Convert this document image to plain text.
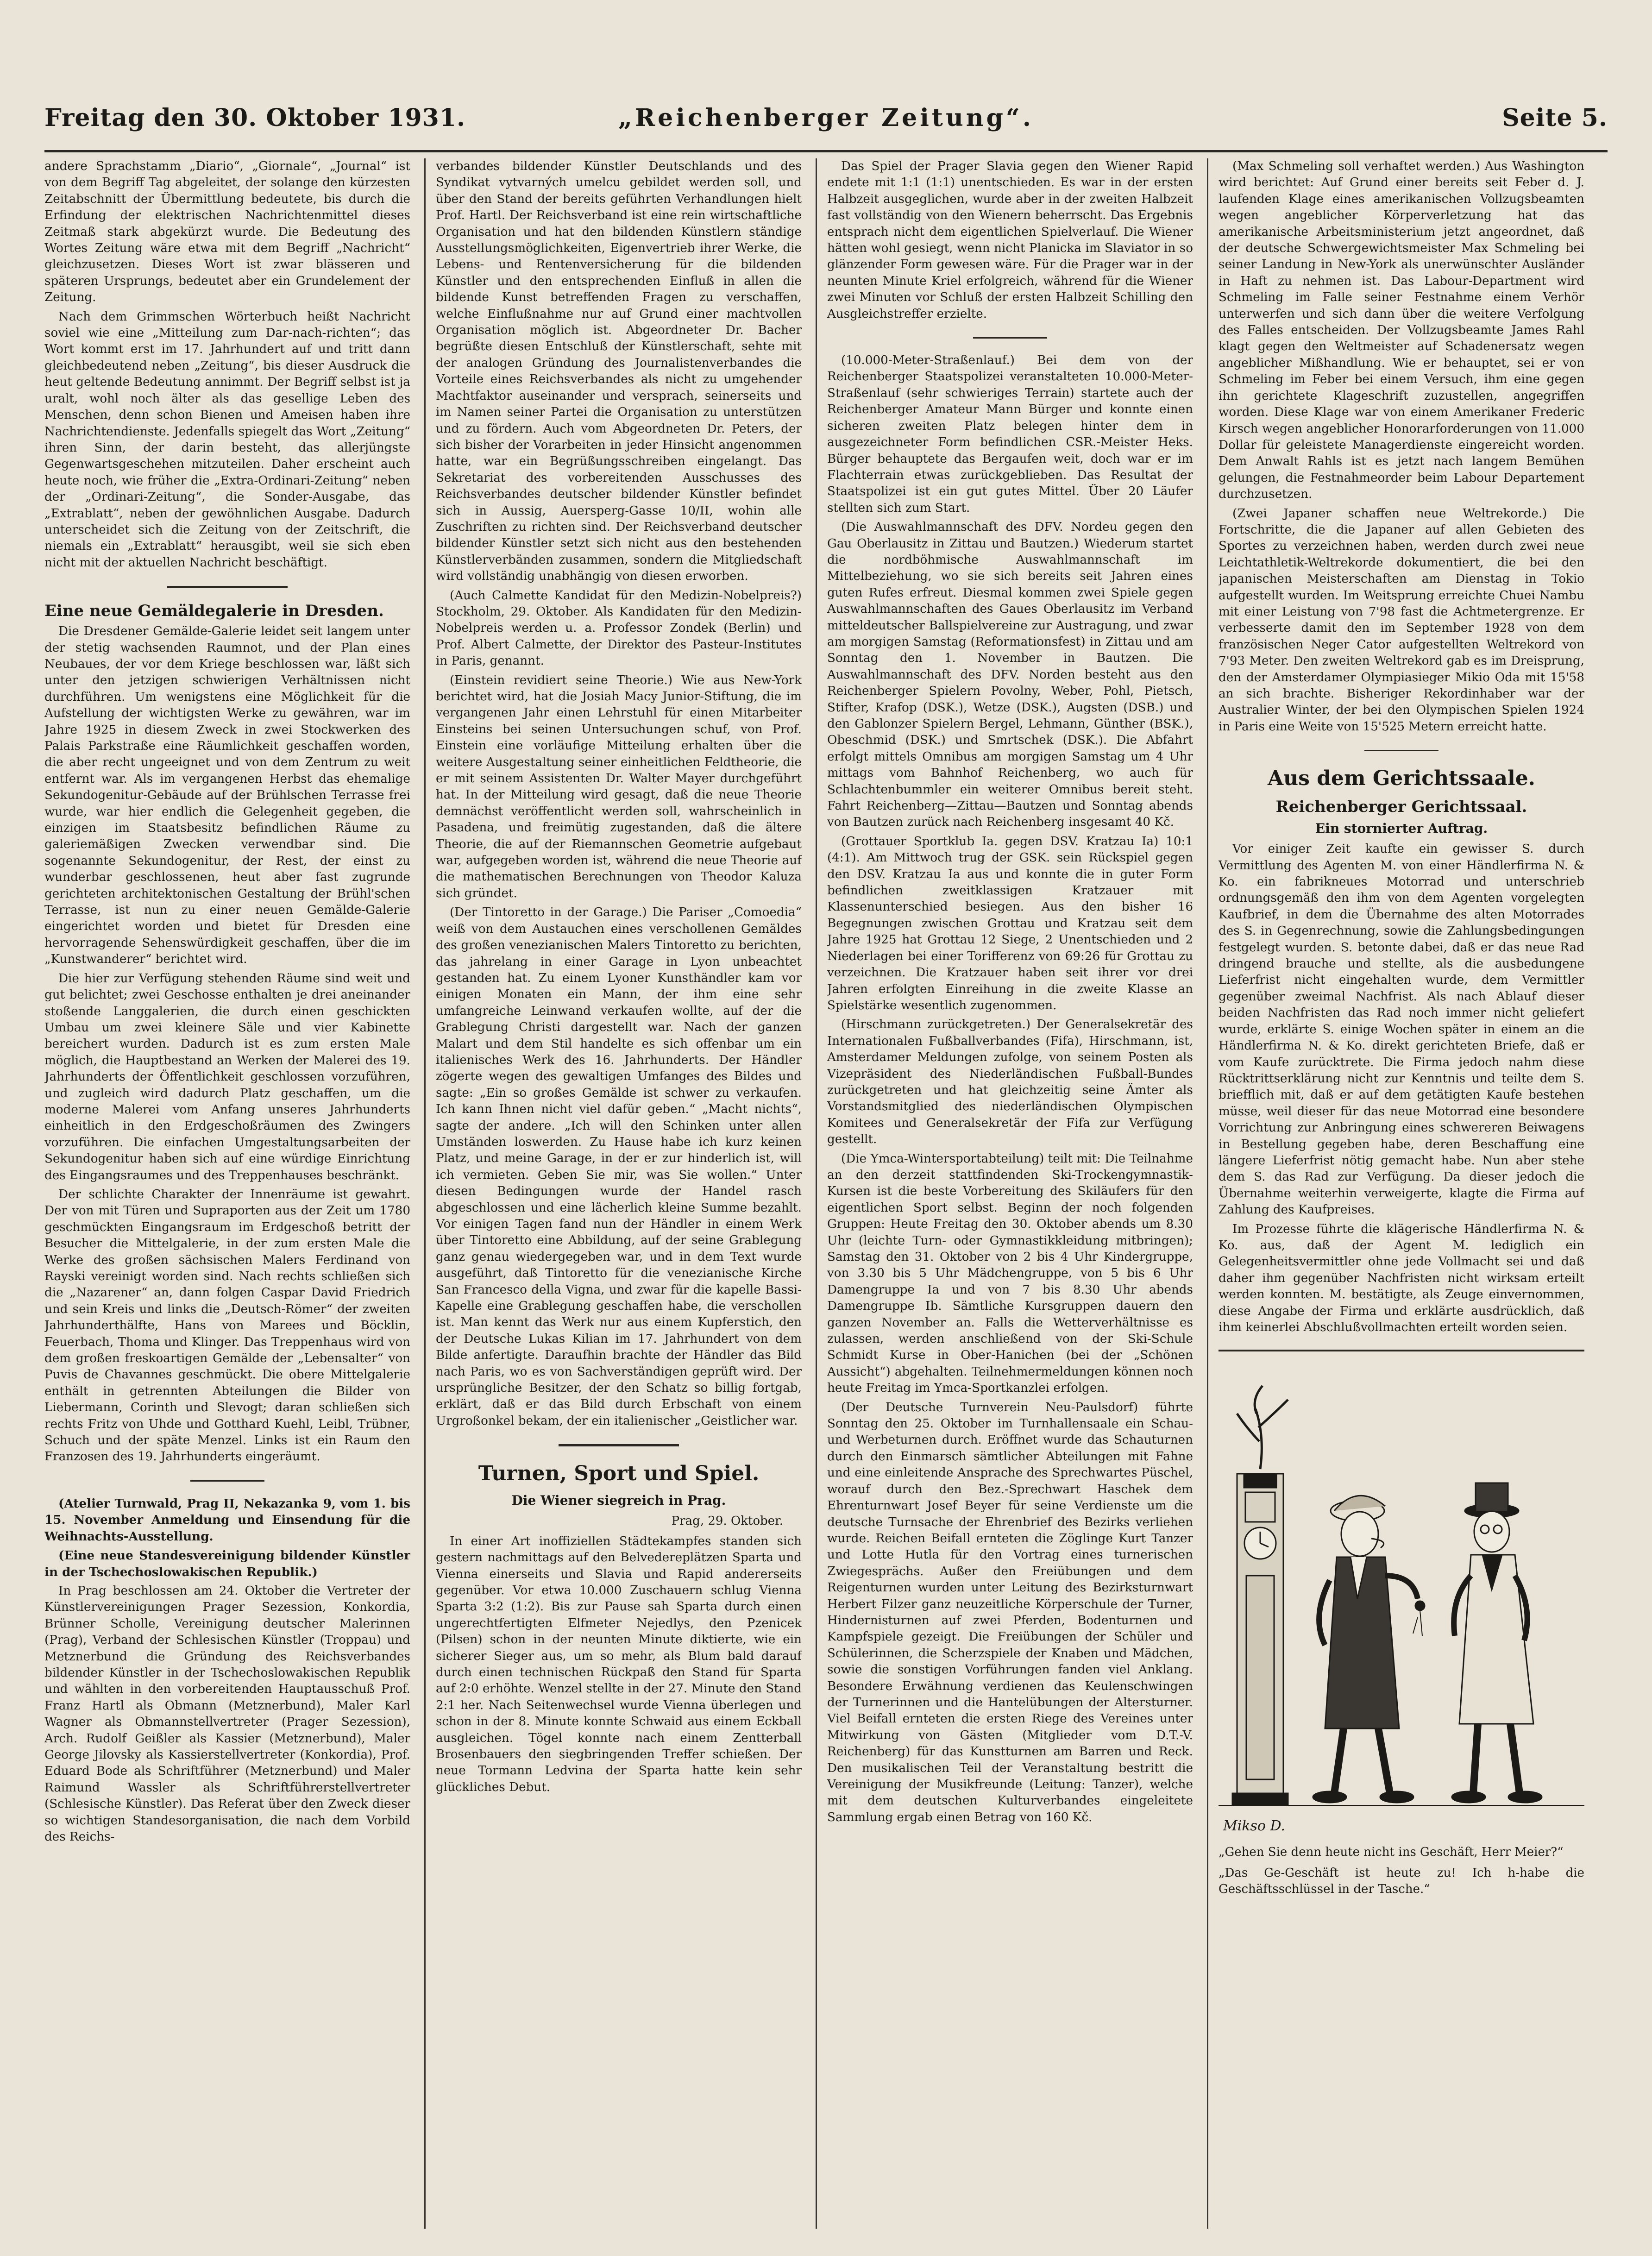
„Reichenberger Zeitung“.
Freitag den 30. Oktober 1931.	Seite 5.

andere Sprachstamm „Diario“, „Giornale“, „Journal“ ist von dem Begriff Tag abgeleitet, der solange den kürzesten Zeitabschnitt der Übermittlung bedeutete, bis durch die Erfindung der elektrischen Nachrichtenmittel dieses Zeitmaß stark abgekürzt wurde. Die Bedeutung des Wortes Zeitung wäre etwa mit dem Begriff „Nachricht“ gleichzusetzen. Dieses Wort ist zwar blässeren und späteren Ursprungs, bedeutet aber ein Grundelement der Zeitung.

Nach dem Grimmschen Wörterbuch heißt Nachricht soviel wie eine „Mitteilung zum Dar-nach-richten“; das Wort kommt erst im 17. Jahrhundert auf und tritt dann gleichbedeutend neben „Zeitung“, bis dieser Ausdruck die heut geltende Bedeutung annimmt. Der Begriff selbst ist ja uralt, wohl noch älter als das gesellige Leben des Menschen, denn schon Bienen und Ameisen haben ihre Nachrichtendienste. Jedenfalls spiegelt das Wort „Zeitung“ ihren Sinn, der darin besteht, das allerjüngste Gegenwartsgeschehen mitzuteilen. Daher erscheint auch heute noch, wie früher die „Extra-Ordinari-Zeitung“ neben der „Ordinari-Zeitung“, die Sonder-Ausgabe, das „Extrablatt“, neben der gewöhnlichen Ausgabe. Dadurch unterscheidet sich die Zeitung von der Zeitschrift, die niemals ein „Extrablatt“ herausgibt, weil sie sich eben nicht mit der aktuellen Nachricht beschäftigt.

Eine neue Gemäldegalerie in Dresden.

Die Dresdener Gemälde-Galerie leidet seit langem unter der stetig wachsenden Raumnot, und der Plan eines Neubaues, der vor dem Kriege beschlossen war, läßt sich unter den jetzigen schwierigen Verhältnissen nicht durchführen. Um wenigstens eine Möglichkeit für die Aufstellung der wichtigsten Werke zu gewähren, war im Jahre 1925 in diesem Zweck in zwei Stockwerken des Palais Parkstraße eine Räumlichkeit geschaffen worden, die aber recht ungeeignet und von dem Zentrum zu weit entfernt war. Als im vergangenen Herbst das ehemalige Sekundogenitur-Gebäude auf der Brühlschen Terrasse frei wurde, war hier endlich die Gelegenheit gegeben, die einzigen im Staatsbesitz befindlichen Räume zu galeriemäßigen Zwecken verwendbar sind. Die sogenannte Sekundogenitur, der Rest, der einst zu wunderbar geschlossenen, heut aber fast zugrunde gerichteten architektonischen Gestaltung der Brühl'schen Terrasse, ist nun zu einer neuen Gemälde-Galerie eingerichtet worden und bietet für Dresden eine hervorragende Sehenswürdigkeit geschaffen, über die im „Kunstwanderer“ berichtet wird.

Die hier zur Verfügung stehenden Räume sind weit und gut belichtet; zwei Geschosse enthalten je drei aneinander stoßende Langgalerien, die durch einen geschickten Umbau um zwei kleinere Säle und vier Kabinette bereichert wurden. Dadurch ist es zum ersten Male möglich, die Hauptbestand an Werken der Malerei des 19. Jahrhunderts der Öffentlichkeit geschlossen vorzuführen, und zugleich wird dadurch Platz geschaffen, um die moderne Malerei vom Anfang unseres Jahrhunderts einheitlich in den Erdgeschoßräumen des Zwingers vorzuführen. Die einfachen Umgestaltungsarbeiten der Sekundogenitur haben sich auf eine würdige Einrichtung des Eingangsraumes und des Treppenhauses beschränkt.

Der schlichte Charakter der Innenräume ist gewahrt. Der von mit Türen und Supraporten aus der Zeit um 1780 geschmückten Eingangsraum im Erdgeschoß betritt der Besucher die Mittelgalerie, in der zum ersten Male die Werke des großen sächsischen Malers Ferdinand von Rayski vereinigt worden sind. Nach rechts schließen sich die „Nazarener“ an, dann folgen Caspar David Friedrich und sein Kreis und links die „Deutsch-Römer“ der zweiten Jahrhunderthälfte, Hans von Marees und Böcklin, Feuerbach, Thoma und Klinger. Das Treppenhaus wird von dem großen freskoartigen Gemälde der „Lebensalter“ von Puvis de Chavannes geschmückt. Die obere Mittelgalerie enthält in getrennten Abteilungen die Bilder von Liebermann, Corinth und Slevogt; daran schließen sich rechts Fritz von Uhde und Gotthard Kuehl, Leibl, Trübner, Schuch und der späte Menzel. Links ist ein Raum den Franzosen des 19. Jahrhunderts eingeräumt.

(Atelier Turnwald, Prag II, Nekazanka 9, vom 1. bis 15. November Anmeldung und Einsendung für die Weihnachts-Ausstellung.

(Eine neue Standesvereinigung bildender Künstler in der Tschechoslowakischen Republik.)

In Prag beschlossen am 24. Oktober die Vertreter der Künstlervereinigungen Prager Sezession, Konkordia, Brünner Scholle, Vereinigung deutscher Malerinnen (Prag), Verband der Schlesischen Künstler (Troppau) und Metznerbund die Gründung des Reichsverbandes bildender Künstler in der Tschechoslowakischen Republik und wählten in den vorbereitenden Hauptausschuß Prof. Franz Hartl als Obmann (Metznerbund), Maler Karl Wagner als Obmannstellvertreter (Prager Sezession), Arch. Rudolf Geißler als Kassier (Metznerbund), Maler George Jilovsky als Kassierstellvertreter (Konkordia), Prof. Eduard Bode als Schriftführer (Metznerbund) und Maler Raimund Wassler als Schriftführerstellvertreter (Schlesische Künstler). Das Referat über den Zweck dieser so wichtigen Standesorganisation, die nach dem Vorbild des Reichs-

verbandes bildender Künstler Deutschlands und des Syndikat vytvarných umelcu gebildet werden soll, und über den Stand der bereits geführten Verhandlungen hielt Prof. Hartl. Der Reichsverband ist eine rein wirtschaftliche Organisation und hat den bildenden Künstlern ständige Ausstellungsmöglichkeiten, Eigenvertrieb ihrer Werke, die Lebens- und Rentenversicherung für die bildenden Künstler und den entsprechenden Einfluß in allen die bildende Kunst betreffenden Fragen zu verschaffen, welche Einflußnahme nur auf Grund einer machtvollen Organisation möglich ist. Abgeordneter Dr. Bacher begrüßte diesen Entschluß der Künstlerschaft, sehte mit der analogen Gründung des Journalistenverbandes die Vorteile eines Reichsverbandes als nicht zu umgehender Machtfaktor auseinander und versprach, seinerseits und im Namen seiner Partei die Organisation zu unterstützen und zu fördern. Auch vom Abgeordneten Dr. Peters, der sich bisher der Vorarbeiten in jeder Hinsicht angenommen hatte, war ein Begrüßungsschreiben eingelangt. Das Sekretariat des vorbereitenden Ausschusses des Reichsverbandes deutscher bildender Künstler befindet sich in Aussig, Auersperg-Gasse 10/II, wohin alle Zuschriften zu richten sind. Der Reichsverband deutscher bildender Künstler setzt sich nicht aus den bestehenden Künstlerverbänden zusammen, sondern die Mitgliedschaft wird vollständig unabhängig von diesen erworben.

(Auch Calmette Kandidat für den Medizin-Nobelpreis?) Stockholm, 29. Oktober. Als Kandidaten für den Medizin-Nobelpreis werden u. a. Professor Zondek (Berlin) und Prof. Albert Calmette, der Direktor des Pasteur-Institutes in Paris, genannt.

(Einstein revidiert seine Theorie.) Wie aus New-York berichtet wird, hat die Josiah Macy Junior-Stiftung, die im vergangenen Jahr einen Lehrstuhl für einen Mitarbeiter Einsteins bei seinen Untersuchungen schuf, von Prof. Einstein eine vorläufige Mitteilung erhalten über die weitere Ausgestaltung seiner einheitlichen Feldtheorie, die er mit seinem Assistenten Dr. Walter Mayer durchgeführt hat. In der Mitteilung wird gesagt, daß die neue Theorie demnächst veröffentlicht werden soll, wahrscheinlich in Pasadena, und freimütig zugestanden, daß die ältere Theorie, die auf der Riemannschen Geometrie aufgebaut war, aufgegeben worden ist, während die neue Theorie auf die mathematischen Berechnungen von Theodor Kaluza sich gründet.

(Der Tintoretto in der Garage.) Die Pariser „Comoedia“ weiß von dem Austauchen eines verschollenen Gemäldes des großen venezianischen Malers Tintoretto zu berichten, das jahrelang in einer Garage in Lyon unbeachtet gestanden hat. Zu einem Lyoner Kunsthändler kam vor einigen Monaten ein Mann, der ihm eine sehr umfangreiche Leinwand verkaufen wollte, auf der die Grablegung Christi dargestellt war. Nach der ganzen Malart und dem Stil handelte es sich offenbar um ein italienisches Werk des 16. Jahrhunderts. Der Händler zögerte wegen des gewaltigen Umfanges des Bildes und sagte: „Ein so großes Gemälde ist schwer zu verkaufen. Ich kann Ihnen nicht viel dafür geben.“ „Macht nichts“, sagte der andere. „Ich will den Schinken unter allen Umständen loswerden. Zu Hause habe ich kurz keinen Platz, und meine Garage, in der er zur hinderlich ist, will ich vermieten. Geben Sie mir, was Sie wollen.“ Unter diesen Bedingungen wurde der Handel rasch abgeschlossen und eine lächerlich kleine Summe bezahlt. Vor einigen Tagen fand nun der Händler in einem Werk über Tintoretto eine Abbildung, auf der seine Grablegung ganz genau wiedergegeben war, und in dem Text wurde ausgeführt, daß Tintoretto für die venezianische Kirche San Francesco della Vigna, und zwar für die kapelle Bassi-Kapelle eine Grablegung geschaffen habe, die verschollen ist. Man kennt das Werk nur aus einem Kupferstich, den der Deutsche Lukas Kilian im 17. Jahrhundert von dem Bilde anfertigte. Daraufhin brachte der Händler das Bild nach Paris, wo es von Sachverständigen geprüft wird. Der ursprüngliche Besitzer, der den Schatz so billig fortgab, erklärt, daß er das Bild durch Erbschaft von einem Urgroßonkel bekam, der ein italienischer „Geistlicher war.

Turnen, Sport und Spiel.

Die Wiener siegreich in Prag.

Prag, 29. Oktober.

In einer Art inoffiziellen Städtekampfes standen sich gestern nachmittags auf den Belvedereplätzen Sparta und Vienna einerseits und Slavia und Rapid andererseits gegenüber. Vor etwa 10.000 Zuschauern schlug Vienna Sparta 3:2 (1:2). Bis zur Pause sah Sparta durch einen ungerechtfertigten Elfmeter Nejedlys, den Pzenicek (Pilsen) schon in der neunten Minute diktierte, wie ein sicherer Sieger aus, um so mehr, als Blum bald darauf durch einen technischen Rückpaß den Stand für Sparta auf 2:0 erhöhte. Wenzel stellte in der 27. Minute den Stand 2:1 her. Nach Seitenwechsel wurde Vienna überlegen und schon in der 8. Minute konnte Schwaid aus einem Eckball ausgleichen. Tögel konnte nach einem Zentterball Brosenbauers den siegbringenden Treffer schießen. Der neue Tormann Ledvina der Sparta hatte kein sehr glückliches Debut.

Das Spiel der Prager Slavia gegen den Wiener Rapid endete mit 1:1 (1:1) unentschieden. Es war in der ersten Halbzeit ausgeglichen, wurde aber in der zweiten Halbzeit fast vollständig von den Wienern beherrscht. Das Ergebnis entsprach nicht dem eigentlichen Spielverlauf. Die Wiener hätten wohl gesiegt, wenn nicht Planicka im Slaviator in so glänzender Form gewesen wäre. Für die Prager war in der neunten Minute Kriel erfolgreich, während für die Wiener zwei Minuten vor Schluß der ersten Halbzeit Schilling den Ausgleichstreffer erzielte.

(10.000-Meter-Straßenlauf.) Bei dem von der Reichenberger Staatspolizei veranstalteten 10.000-Meter-Straßenlauf (sehr schwieriges Terrain) startete auch der Reichenberger Amateur Mann Bürger und konnte einen sicheren zweiten Platz belegen hinter dem in ausgezeichneter Form befindlichen CSR.-Meister Heks. Bürger behauptete das Bergaufen weit, doch war er im Flachterrain etwas zurückgeblieben. Das Resultat der Staatspolizei ist ein gut gutes Mittel. Über 20 Läufer stellten sich zum Start.

(Die Auswahlmannschaft des DFV. Nordeu gegen den Gau Oberlausitz in Zittau und Bautzen.) Wiederum startet die nordböhmische Auswahlmannschaft im Mittelbeziehung, wo sie sich bereits seit Jahren eines guten Rufes erfreut. Diesmal kommen zwei Spiele gegen Auswahlmannschaften des Gaues Oberlausitz im Verband mitteldeutscher Ballspielvereine zur Austragung, und zwar am morgigen Samstag (Reformationsfest) in Zittau und am Sonntag den 1. November in Bautzen. Die Auswahlmannschaft des DFV. Norden besteht aus den Reichenberger Spielern Povolny, Weber, Pohl, Pietsch, Stifter, Krafop (DSK.), Wetze (DSK.), Augsten (DSB.) und den Gablonzer Spielern Bergel, Lehmann, Günther (BSK.), Obeschmid (DSK.) und Smrtschek (DSK.). Die Abfahrt erfolgt mittels Omnibus am morgigen Samstag um 4 Uhr mittags vom Bahnhof Reichenberg, wo auch für Schlachtenbummler ein weiterer Omnibus bereit steht. Fahrt Reichenberg—Zittau—Bautzen und Sonntag abends von Bautzen zurück nach Reichenberg insgesamt 40 Kč.

(Grottauer Sportklub Ia. gegen DSV. Kratzau Ia) 10:1 (4:1). Am Mittwoch trug der GSK. sein Rückspiel gegen den DSV. Kratzau Ia aus und konnte die in guter Form befindlichen zweitklassigen Kratzauer mit Klassenunterschied besiegen. Aus den bisher 16 Begegnungen zwischen Grottau und Kratzau seit dem Jahre 1925 hat Grottau 12 Siege, 2 Unentschieden und 2 Niederlagen bei einer Torifferenz von 69:26 für Grottau zu verzeichnen. Die Kratzauer haben seit ihrer vor drei Jahren erfolgten Einreihung in die zweite Klasse an Spielstärke wesentlich zugenommen.

(Hirschmann zurückgetreten.) Der Generalsekretär des Internationalen Fußballverbandes (Fifa), Hirschmann, ist, Amsterdamer Meldungen zufolge, von seinem Posten als Vizepräsident des Niederländischen Fußball-Bundes zurückgetreten und hat gleichzeitig seine Ämter als Vorstandsmitglied des niederländischen Olympischen Komitees und Generalsekretär der Fifa zur Verfügung gestellt.

(Die Ymca-Wintersportabteilung) teilt mit: Die Teilnahme an den derzeit stattfindenden Ski-Trockengymnastik-Kursen ist die beste Vorbereitung des Skiläufers für den eigentlichen Sport selbst. Beginn der noch folgenden Gruppen: Heute Freitag den 30. Oktober abends um 8.30 Uhr (leichte Turn- oder Gymnastikkleidung mitbringen); Samstag den 31. Oktober von 2 bis 4 Uhr Kindergruppe, von 3.30 bis 5 Uhr Mädchengruppe, von 5 bis 6 Uhr Damengruppe Ia und von 7 bis 8.30 Uhr abends Damengruppe Ib. Sämtliche Kursgruppen dauern den ganzen November an. Falls die Wetterverhältnisse es zulassen, werden anschließend von der Ski-Schule Schmidt Kurse in Ober-Hanichen (bei der „Schönen Aussicht“) abgehalten. Teilnehmermeldungen können noch heute Freitag im Ymca-Sportkanzlei erfolgen.

(Der Deutsche Turnverein Neu-Paulsdorf) führte Sonntag den 25. Oktober im Turnhallensaale ein Schau- und Werbeturnen durch. Eröffnet wurde das Schauturnen durch den Einmarsch sämtlicher Abteilungen mit Fahne und eine einleitende Ansprache des Sprechwartes Püschel, worauf durch den Bez.-Sprechwart Haschek dem Ehrenturnwart Josef Beyer für seine Verdienste um die deutsche Turnsache der Ehrenbrief des Bezirks verliehen wurde. Reichen Beifall ernteten die Zöglinge Kurt Tanzer und Lotte Hutla für den Vortrag eines turnerischen Zwiegesprächs. Außer den Freiübungen und dem Reigenturnen wurden unter Leitung des Bezirksturnwart Herbert Filzer ganz neuzeitliche Körperschule der Turner, Hindernisturnen auf zwei Pferden, Bodenturnen und Kampfspiele gezeigt. Die Freiübungen der Schüler und Schülerinnen, die Scherzspiele der Knaben und Mädchen, sowie die sonstigen Vorführungen fanden viel Anklang. Besondere Erwähnung verdienen das Keulenschwingen der Turnerinnen und die Hantelübungen der Altersturner. Viel Beifall ernteten die ersten Riege des Vereines unter Mitwirkung von Gästen (Mitglieder vom D.T.-V. Reichenberg) für das Kunstturnen am Barren und Reck. Den musikalischen Teil der Veranstaltung bestritt die Vereinigung der Musikfreunde (Leitung: Tanzer), welche mit dem deutschen Kulturverbandes eingeleitete Sammlung ergab einen Betrag von 160 Kč.

(Max Schmeling soll verhaftet werden.) Aus Washington wird berichtet: Auf Grund einer bereits seit Feber d. J. laufenden Klage eines amerikanischen Vollzugsbeamten wegen angeblicher Körperverletzung hat das amerikanische Arbeitsministerium jetzt angeordnet, daß der deutsche Schwergewichtsmeister Max Schmeling bei seiner Landung in New-York als unerwünschter Ausländer in Haft zu nehmen ist. Das Labour-Department wird Schmeling im Falle seiner Festnahme einem Verhör unterwerfen und sich dann über die weitere Verfolgung des Falles entscheiden. Der Vollzugsbeamte James Rahl klagt gegen den Weltmeister auf Schadenersatz wegen angeblicher Mißhandlung. Wie er behauptet, sei er von Schmeling im Feber bei einem Versuch, ihm eine gegen ihn gerichtete Klageschrift zuzustellen, angegriffen worden. Diese Klage war von einem Amerikaner Frederic Kirsch wegen angeblicher Honorarforderungen von 11.000 Dollar für geleistete Managerdienste eingereicht worden. Dem Anwalt Rahls ist es jetzt nach langem Bemühen gelungen, die Festnahmeorder beim Labour Departement durchzusetzen.

(Zwei Japaner schaffen neue Weltrekorde.) Die Fortschritte, die die Japaner auf allen Gebieten des Sportes zu verzeichnen haben, werden durch zwei neue Leichtathletik-Weltrekorde dokumentiert, die bei den japanischen Meisterschaften am Dienstag in Tokio aufgestellt wurden. Im Weitsprung erreichte Chuei Nambu mit einer Leistung von 7'98 fast die Achtmetergrenze. Er verbesserte damit den im September 1928 von dem französischen Neger Cator aufgestellten Weltrekord von 7'93 Meter. Den zweiten Weltrekord gab es im Dreisprung, den der Amsterdamer Olympiasieger Mikio Oda mit 15'58 an sich brachte. Bisheriger Rekordinhaber war der Australier Winter, der bei den Olympischen Spielen 1924 in Paris eine Weite von 15'525 Metern erreicht hatte.

Aus dem Gerichtssaale.

Reichenberger Gerichtssaal.

Ein stornierter Auftrag.

Vor einiger Zeit kaufte ein gewisser S. durch Vermittlung des Agenten M. von einer Händlerfirma N. & Ko. ein fabrikneues Motorrad und unterschrieb ordnungsgemäß den ihm von dem Agenten vorgelegten Kaufbrief, in dem die Übernahme des alten Motorrades des S. in Gegenrechnung, sowie die Zahlungsbedingungen festgelegt wurden. S. betonte dabei, daß er das neue Rad dringend brauche und stellte, als die ausbedungene Lieferfrist nicht eingehalten wurde, dem Vermittler gegenüber zweimal Nachfrist. Als nach Ablauf dieser beiden Nachfristen das Rad noch immer nicht geliefert wurde, erklärte S. einige Wochen später in einem an die Händlerfirma N. & Ko. direkt gerichteten Briefe, daß er vom Kaufe zurücktrete. Die Firma jedoch nahm diese Rücktrittserklärung nicht zur Kenntnis und teilte dem S. briefflich mit, daß er auf dem getätigten Kaufe bestehen müsse, weil dieser für das neue Motorrad eine besondere Vorrichtung zur Anbringung eines schwereren Beiwagens in Bestellung gegeben habe, deren Beschaffung eine längere Lieferfrist nötig gemacht habe. Nun aber stehe dem S. das Rad zur Verfügung. Da dieser jedoch die Übernahme weiterhin verweigerte, klagte die Firma auf Zahlung des Kaufpreises.

Im Prozesse führte die klägerische Händlerfirma N. & Ko. aus, daß der Agent M. lediglich ein Gelegenheitsvermittler ohne jede Vollmacht sei und daß daher ihm gegenüber Nachfristen nicht wirksam erteilt werden konnten. M. bestätigte, als Zeuge einvernommen, diese Angabe der Firma und erklärte ausdrücklich, daß ihm keinerlei Abschlußvollmachten erteilt worden seien.

Mikso D.

„Gehen Sie denn heute nicht ins Geschäft, Herr Meier?“

„Das Ge-Geschäft ist heute zu! Ich h-habe die Geschäftsschlüssel in der Tasche.“
